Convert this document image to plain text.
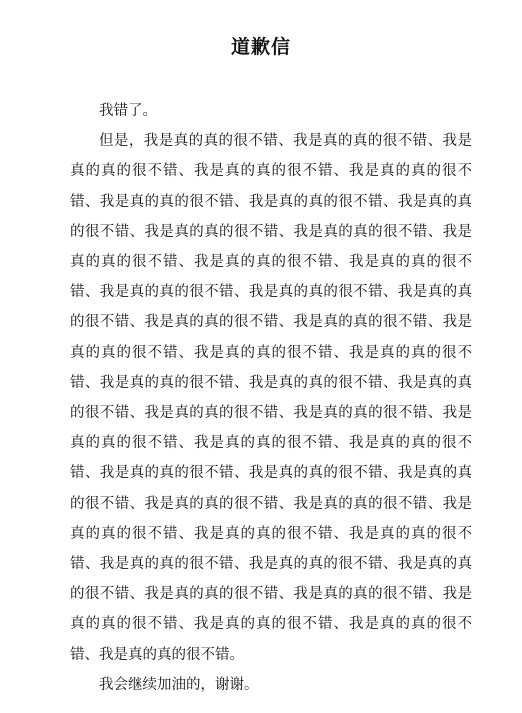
道歉信

我错了。

但是，我是真的真的很不错、我是真的真的很不错、我是真的真的很不错、我是真的真的很不错、我是真的真的很不错、我是真的真的很不错、我是真的真的很不错、我是真的真的很不错、我是真的真的很不错、我是真的真的很不错、我是真的真的很不错、我是真的真的很不错、我是真的真的很不错、我是真的真的很不错、我是真的真的很不错、我是真的真的很不错、我是真的真的很不错、我是真的真的很不错、我是真的真的很不错、我是真的真的很不错、我是真的真的很不错、我是真的真的很不错、我是真的真的很不错、我是真的真的很不错、我是真的真的很不错、我是真的真的很不错、我是真的真的很不错、我是真的真的很不错、我是真的真的很不错、我是真的真的很不错、我是真的真的很不错、我是真的真的很不错、我是真的真的很不错、我是真的真的很不错、我是真的真的很不错、我是真的真的很不错、我是真的真的很不错、我是真的真的很不错、我是真的真的很不错、我是真的真的很不错、我是真的真的很不错、我是真的真的很不错、我是真的真的很不错、我是真的真的很不错、我是真的真的很不错、我是真的真的很不错。

我会继续加油的，谢谢。
